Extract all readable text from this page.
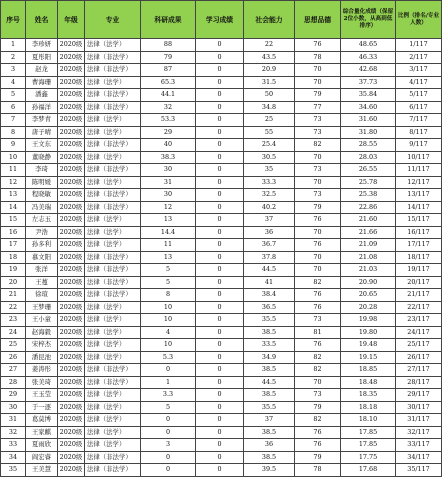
序号	姓名	年级	专业	科研成果	学习成绩	社会能力	思想品德	综合量化成绩（保留2位小数，从高到低排序）	比例（排名/专业人数）
1	李珍妍	2020级	法律（法学）	88	0	22	76	48.65	1/117
2	夏彤阳	2020级	法律（非法学）	79	0	43.5	78	46.33	2/117
3	赵龙	2020级	法律（非法学）	87	0	20.9	70	42.68	3/117
4	曹海珊	2020级	法律（法学）	65.3	0	31.5	70	37.73	4/117
5	潘鑫	2020级	法律（非法学）	44.1	0	50	79	35.84	5/117
6	孙福洋	2020级	法律（非法学）	32	0	34.8	77	34.60	6/117
7	李梦青	2020级	法律（法学）	53.3	0	25	73	31.60	7/117
8	唐子晴	2020级	法律（法学）	29	0	55	73	31.80	8/117
9	王文东	2020级	法律（非法学）	40	0	25.4	82	28.55	9/117
10	董晓静	2020级	法律（法学）	38.3	0	30.5	70	28.03	10/117
11	李琦	2020级	法律（非法学）	30	0	35	73	26.55	11/117
12	陈明媛	2020级	法律（法学）	31	0	33.3	70	25.78	12/117
13	程晓敏	2020级	法律（非法学）	30	0	32.5	73	25.38	13/117
14	冯美瑞	2020级	法律（非法学）	12	0	40.2	79	22.86	14/117
15	左志玉	2020级	法律（法学）	13	0	37	76	21.60	15/117
16	尹浩	2020级	法律（法学）	14.4	0	36	70	21.66	16/117
17	孙多利	2020级	法律（法学）	11	0	36.7	76	21.09	17/117
18	慕文阳	2020级	法律（非法学）	13	0	37.8	70	21.08	18/117
19	张洋	2020级	法律（非法学）	5	0	44.5	70	21.03	19/117
20	王蔓	2020级	法律（非法学）	5	0	41	82	20.90	20/117
21	徐瑄	2020级	法律（非法学）	8	0	38.4	76	20.65	21/117
22	王梦珊	2020级	法律（法学）	10	0	36.5	76	20.28	22/117
23	王小童	2020级	法律（法学）	10	0	35.5	73	19.98	23/117
24	赵海毅	2020级	法律（法学）	4	0	38.5	81	19.80	24/117
25	宋梓杰	2020级	法律（法学）	10	0	33.5	76	19.48	25/117
26	潘昆池	2020级	法律（法学）	5.3	0	34.9	82	19.15	26/117
27	姜涛彤	2020级	法律（非法学）	0	0	38.5	82	18.85	27/117
28	张美琦	2020级	法律（非法学）	1	0	44.5	70	18.48	28/117
29	王玉莹	2020级	法律（法学）	3.3	0	38.5	73	18.35	29/117
30	于一逐	2020级	法律（法学）	5	0	35.5	79	18.18	30/117
31	葛莫博	2020级	法律（法学）	0	0	37	82	18.10	31/117
32	王家麒	2020级	法律（法学）	0	0	38.5	76	17.85	32/117
33	夏雨欣	2020级	法律（法学）	3	0	36	76	17.85	33/117
34	阎宏睿	2020级	法律（非法学）	0	0	38.5	79	17.75	34/117
35	王美慧	2020级	法律（非法学）	0	0	39.5	78	17.68	35/117
